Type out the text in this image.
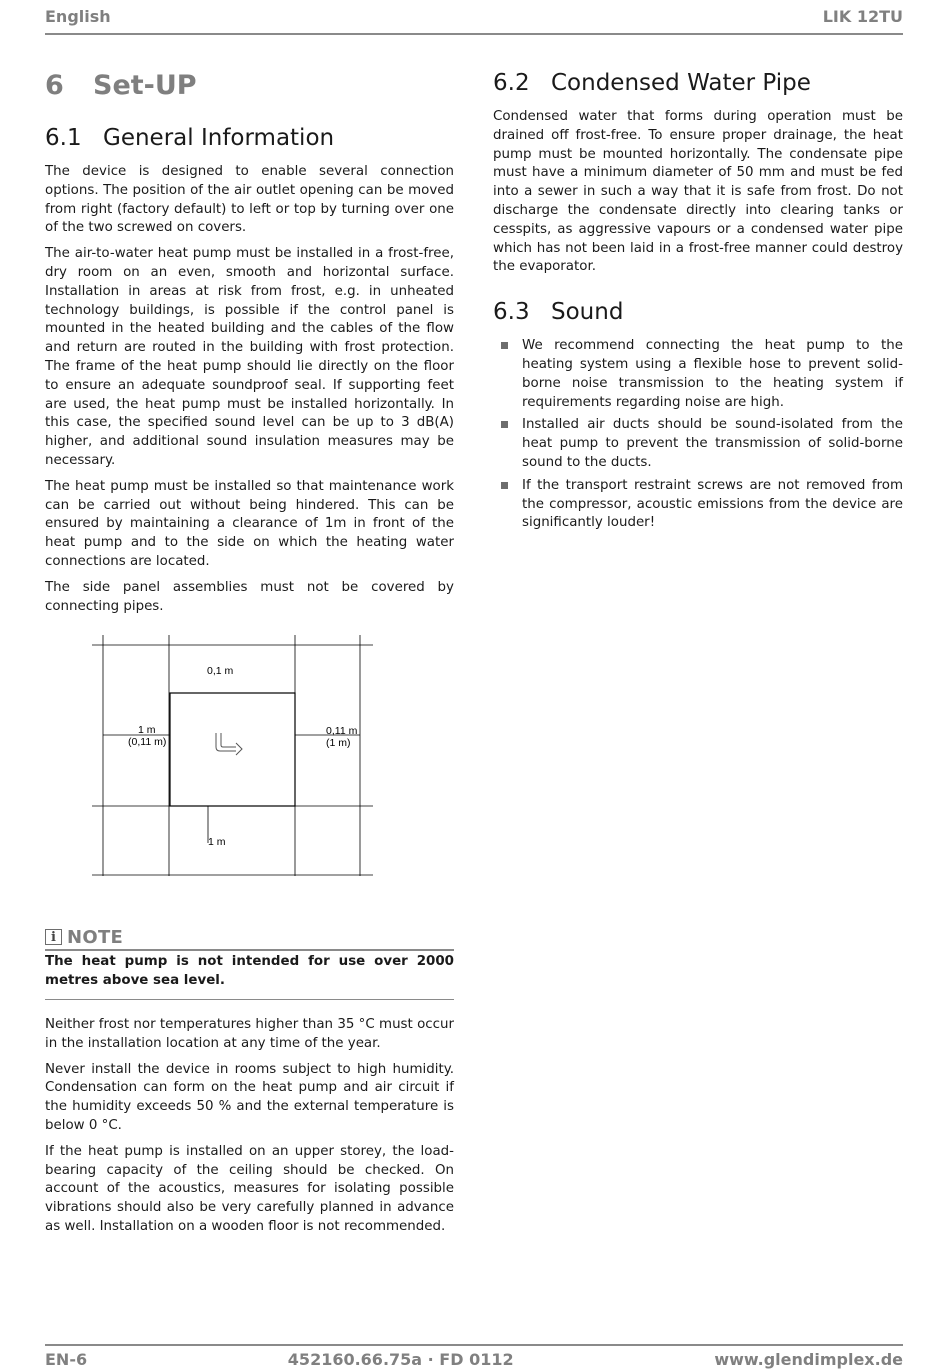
English	LIK 12TU
6	Set-UP
6.1 General Information

The device is designed to enable several connection options. The position of the air outlet opening can be moved from right (factory default) to left or top by turning over one of the two screwed on covers.

The air-to-water heat pump must be installed in a frost-free, dry room on an even, smooth and horizontal surface. Installation in areas at risk from frost, e.g. in unheated technology buildings, is possible if the control panel is mounted in the heated building and the cables of the flow and return are routed in the building with frost protection. The frame of the heat pump should lie directly on the floor to ensure an adequate soundproof seal. If supporting feet are used, the heat pump must be installed horizontally. In this case, the specified sound level can be up to 3 dB(A) higher, and additional sound insulation measures may be necessary.

The heat pump must be installed so that maintenance work can be carried out without being hindered. This can be ensured by maintaining a clearance of 1m in front of the heat pump and to the side on which the heating water connections are located.

The side panel assemblies must not be covered by connecting pipes.

0,1 m
1 m
(0,11 m)
0,11 m
(1 m)
1 m
i NOTE
The heat pump is not intended for use over 2000 metres above sea level.

Neither frost nor temperatures higher than 35 °C must occur in the installation location at any time of the year.

Never install the device in rooms subject to high humidity. Condensation can form on the heat pump and air circuit if the humidity exceeds 50 % and the external temperature is below 0 °C.

If the heat pump is installed on an upper storey, the load-bearing capacity of the ceiling should be checked. On account of the acoustics, measures for isolating possible vibrations should also be very carefully planned in advance as well. Installation on a wooden floor is not recommended.

6.2 Condensed Water Pipe

Condensed water that forms during operation must be drained off frost-free. To ensure proper drainage, the heat pump must be mounted horizontally. The condensate pipe must have a minimum diameter of 50 mm and must be fed into a sewer in such a way that it is safe from frost. Do not discharge the condensate directly into clearing tanks or cesspits, as aggressive vapours or a condensed water pipe which has not been laid in a frost-free manner could destroy the evaporator.

6.3 Sound
We recommend connecting the heat pump to the heating system using a flexible hose to prevent solid-borne noise transmission to the heating system if requirements regarding noise are high.
Installed air ducts should be sound-isolated from the heat pump to prevent the transmission of solid-borne sound to the ducts.
If the transport restraint screws are not removed from the compressor, acoustic emissions from the device are significantly louder!
EN-6	452160.66.75a · FD 0112	www.glendimplex.de
